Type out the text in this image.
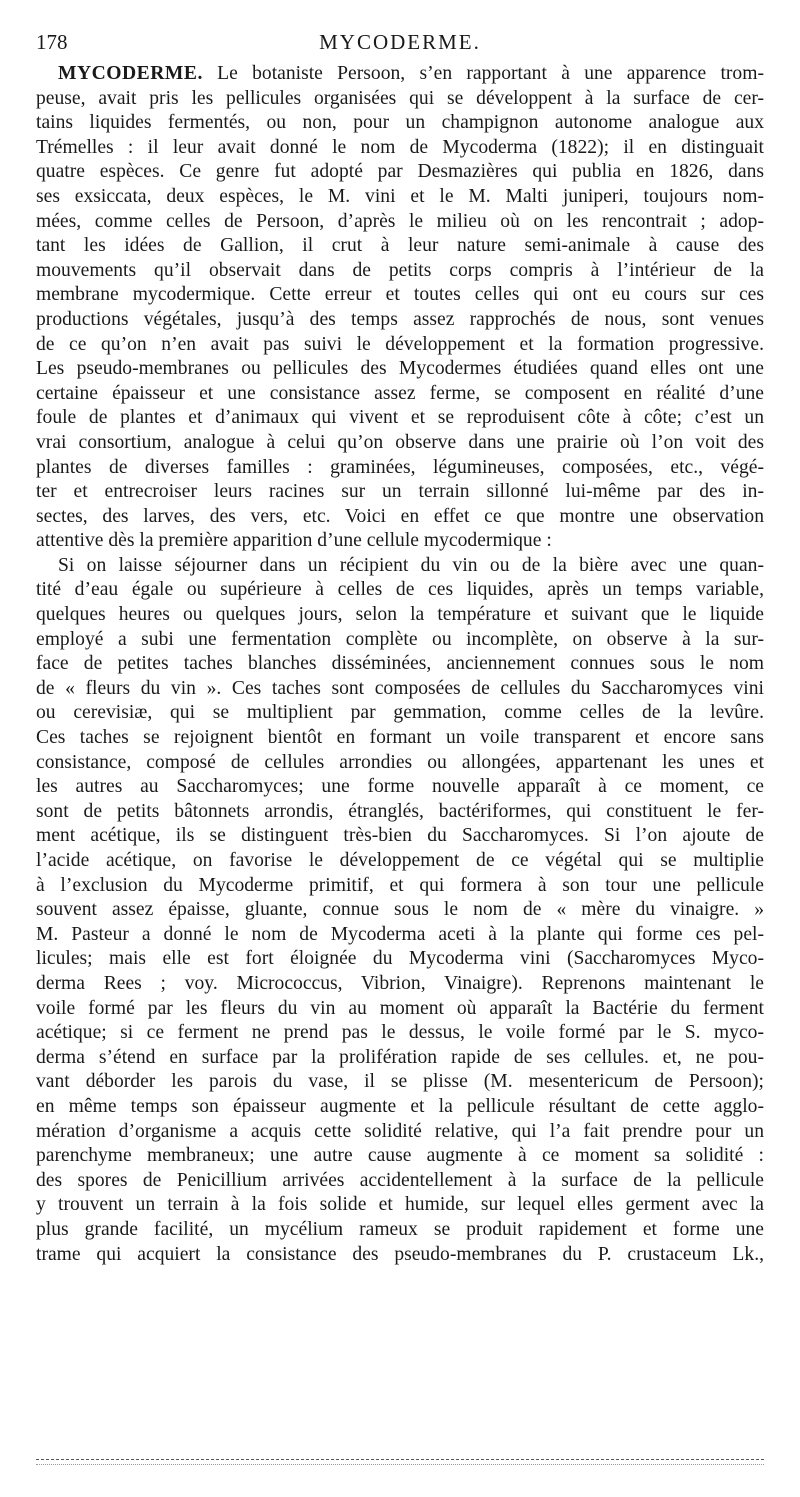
178	MYCODERME.

MYCODERME. Le botaniste Persoon, s’en rapportant à une apparence trom-
peuse, avait pris les pellicules organisées qui se développent à la surface de cer-
tains liquides fermentés, ou non, pour un champignon autonome analogue aux
Trémelles : il leur avait donné le nom de Mycoderma (1822); il en distinguait
quatre espèces. Ce genre fut adopté par Desmazières qui publia en 1826, dans
ses exsiccata, deux espèces, le M. vini et le M. Malti juniperi, toujours nom-
mées, comme celles de Persoon, d’après le milieu où on les rencontrait ; adop-
tant les idées de Gallion, il crut à leur nature semi-animale à cause des
mouvements qu’il observait dans de petits corps compris à l’intérieur de la
membrane mycodermique. Cette erreur et toutes celles qui ont eu cours sur ces
productions végétales, jusqu’à des temps assez rapprochés de nous, sont venues
de ce qu’on n’en avait pas suivi le développement et la formation progressive.
Les pseudo-membranes ou pellicules des Mycodermes étudiées quand elles ont une
certaine épaisseur et une consistance assez ferme, se composent en réalité d’une
foule de plantes et d’animaux qui vivent et se reproduisent côte à côte; c’est un
vrai consortium, analogue à celui qu’on observe dans une prairie où l’on voit des
plantes de diverses familles : graminées, légumineuses, composées, etc., végé-
ter et entrecroiser leurs racines sur un terrain sillonné lui-même par des in-
sectes, des larves, des vers, etc. Voici en effet ce que montre une observation
attentive dès la première apparition d’une cellule mycodermique :

Si on laisse séjourner dans un récipient du vin ou de la bière avec une quan-
tité d’eau égale ou supérieure à celles de ces liquides, après un temps variable,
quelques heures ou quelques jours, selon la température et suivant que le liquide
employé a subi une fermentation complète ou incomplète, on observe à la sur-
face de petites taches blanches disséminées, anciennement connues sous le nom
de « fleurs du vin ». Ces taches sont composées de cellules du Saccharomyces vini
ou cerevisiæ, qui se multiplient par gemmation, comme celles de la levûre.
Ces taches se rejoignent bientôt en formant un voile transparent et encore sans
consistance, composé de cellules arrondies ou allongées, appartenant les unes et
les autres au Saccharomyces; une forme nouvelle apparaît à ce moment, ce
sont de petits bâtonnets arrondis, étranglés, bactériformes, qui constituent le fer-
ment acétique, ils se distinguent très-bien du Saccharomyces. Si l’on ajoute de
l’acide acétique, on favorise le développement de ce végétal qui se multiplie
à l’exclusion du Mycoderme primitif, et qui formera à son tour une pellicule
souvent assez épaisse, gluante, connue sous le nom de « mère du vinaigre. »
M. Pasteur a donné le nom de Mycoderma aceti à la plante qui forme ces pel-
licules; mais elle est fort éloignée du Mycoderma vini (Saccharomyces Myco-
derma Rees ; voy. Micrococcus, Vibrion, Vinaigre). Reprenons maintenant le
voile formé par les fleurs du vin au moment où apparaît la Bactérie du ferment
acétique; si ce ferment ne prend pas le dessus, le voile formé par le S. myco-
derma s’étend en surface par la prolifération rapide de ses cellules. et, ne pou-
vant déborder les parois du vase, il se plisse (M. mesentericum de Persoon);
en même temps son épaisseur augmente et la pellicule résultant de cette agglo-
mération d’organisme a acquis cette solidité relative, qui l’a fait prendre pour un
parenchyme membraneux; une autre cause augmente à ce moment sa solidité :
des spores de Penicillium arrivées accidentellement à la surface de la pellicule
y trouvent un terrain à la fois solide et humide, sur lequel elles germent avec la
plus grande facilité, un mycélium rameux se produit rapidement et forme une
trame qui acquiert la consistance des pseudo-membranes du P. crustaceum Lk.,
